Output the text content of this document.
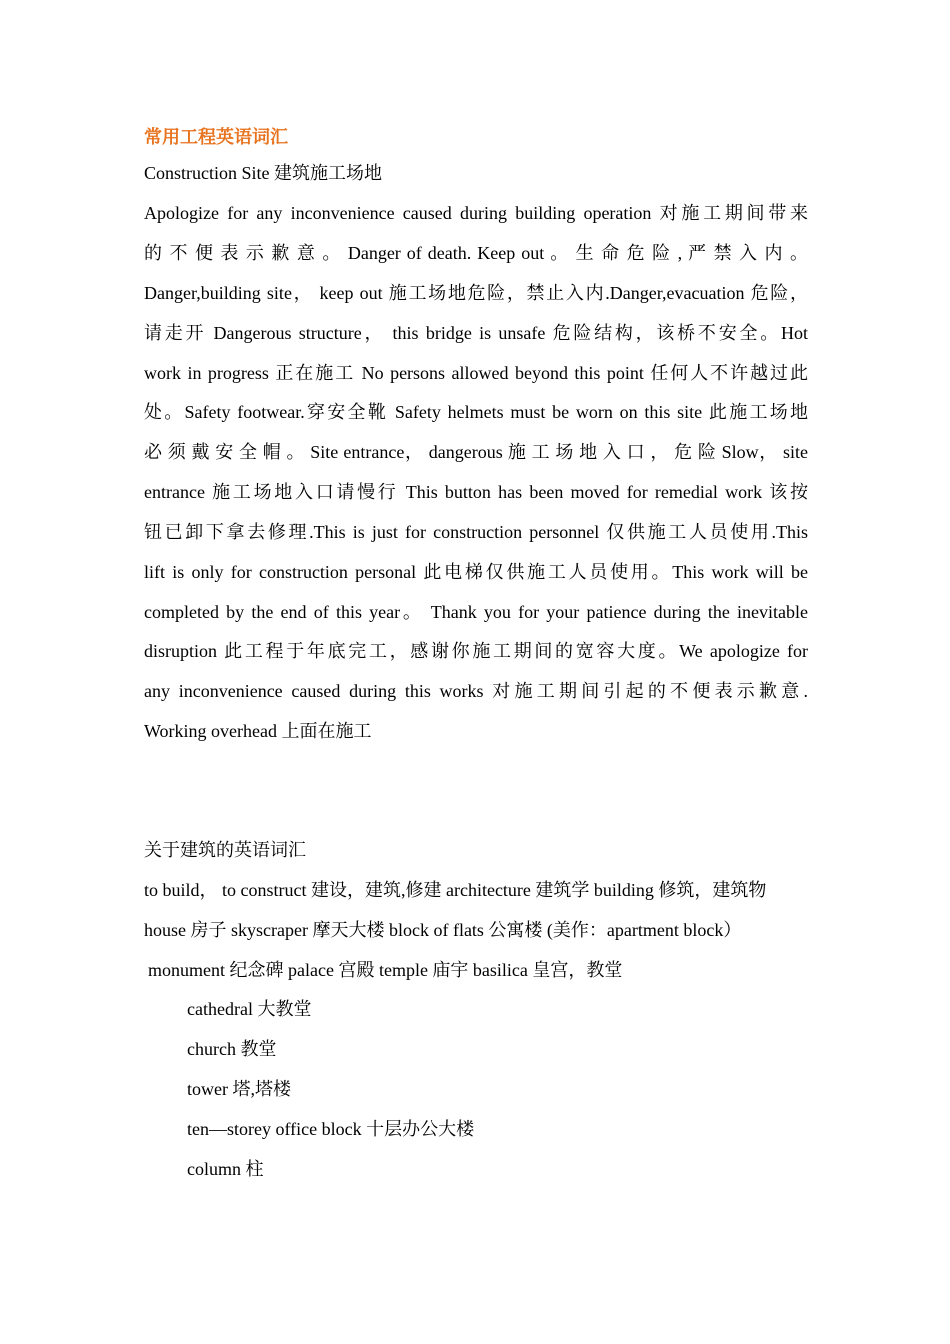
常用工程英语词汇
Construction Site 建筑施工场地
Apologize for any inconvenience caused during building operation 对施工期间带来
的 不 便 表 示 歉 意 。 Danger of death. Keep out 。 生 命 危 险 , 严 禁 入 内 。
Danger,building site， keep out 施工场地危险，禁止入内.Danger,evacuation 危险，
请走开 Dangerous structure， this bridge is unsafe 危险结构，该桥不安全。Hot
work in progress 正在施工 No persons allowed beyond this point 任何人不许越过此
处。Safety footwear.穿安全靴 Safety helmets must be worn on this site 此施工场地
必 须 戴 安 全 帽 。 Site entrance， dangerous 施 工 场 地 入 口 ， 危 险 Slow， site
entrance 施工场地入口请慢行 This button has been moved for remedial work 该按
钮已卸下拿去修理.This is just for construction personnel 仅供施工人员使用.This
lift is only for construction personal 此电梯仅供施工人员使用。This work will be
completed by the end of this year。 Thank you for your patience during the inevitable
disruption 此工程于年底完工，感谢你施工期间的宽容大度。We apologize for
any inconvenience caused during this works 对施工期间引起的不便表示歉意.
Working overhead 上面在施工
关于建筑的英语词汇
to build， to construct 建设，建筑,修建 architecture 建筑学 building 修筑，建筑物
house 房子 skyscraper 摩天大楼 block of flats 公寓楼 (美作：apartment block）
monument 纪念碑 palace 宫殿 temple 庙宇 basilica 皇宫，教堂
cathedral 大教堂
church 教堂
tower 塔,塔楼
ten—storey office block 十层办公大楼
column 柱
